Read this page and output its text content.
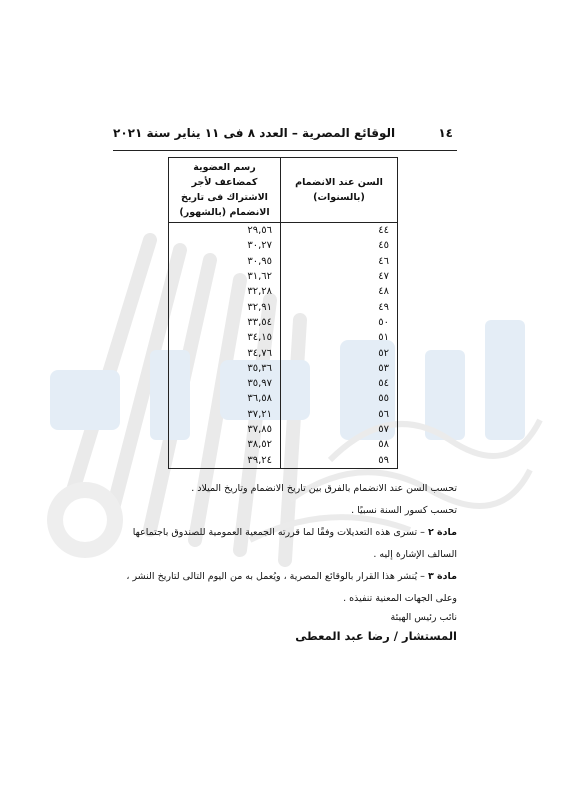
الوقائع المصرية – العدد ٨ فى ١١ يناير سنة ٢٠٢١	١٤
السن عند الانضمام (بالسنوات)	رسم العضوية كمضاعف لأجر الاشتراك فى تاريخ الانضمام (بالشهور)
٤٤	٢٩,٥٦
٤٥	٣٠,٢٧
٤٦	٣٠,٩٥
٤٧	٣١,٦٢
٤٨	٣٢,٢٨
٤٩	٣٢,٩١
٥٠	٣٣,٥٤
٥١	٣٤,١٥
٥٢	٣٤,٧٦
٥٣	٣٥,٣٦
٥٤	٣٥,٩٧
٥٥	٣٦,٥٨
٥٦	٣٧,٢١
٥٧	٣٧,٨٥
٥٨	٣٨,٥٢
٥٩	٣٩,٢٤

تحسب السن عند الانضمام بالفرق بين تاريخ الانضمام وتاريخ الميلاد .

تحسب كسور السنة نسبيًا .

مادة ٢ – تسرى هذه التعديلات وفقًا لما قررته الجمعية العمومية للصندوق باجتماعها السالف الإشارة إليه .

مادة ٣ – يُنشر هذا القرار بالوقائع المصرية ، ويُعمل به من اليوم التالى لتاريخ النشر ، وعلى الجهات المعنية تنفيذه .

نائب رئيس الهيئة

المستشار / رضا عبد المعطى
